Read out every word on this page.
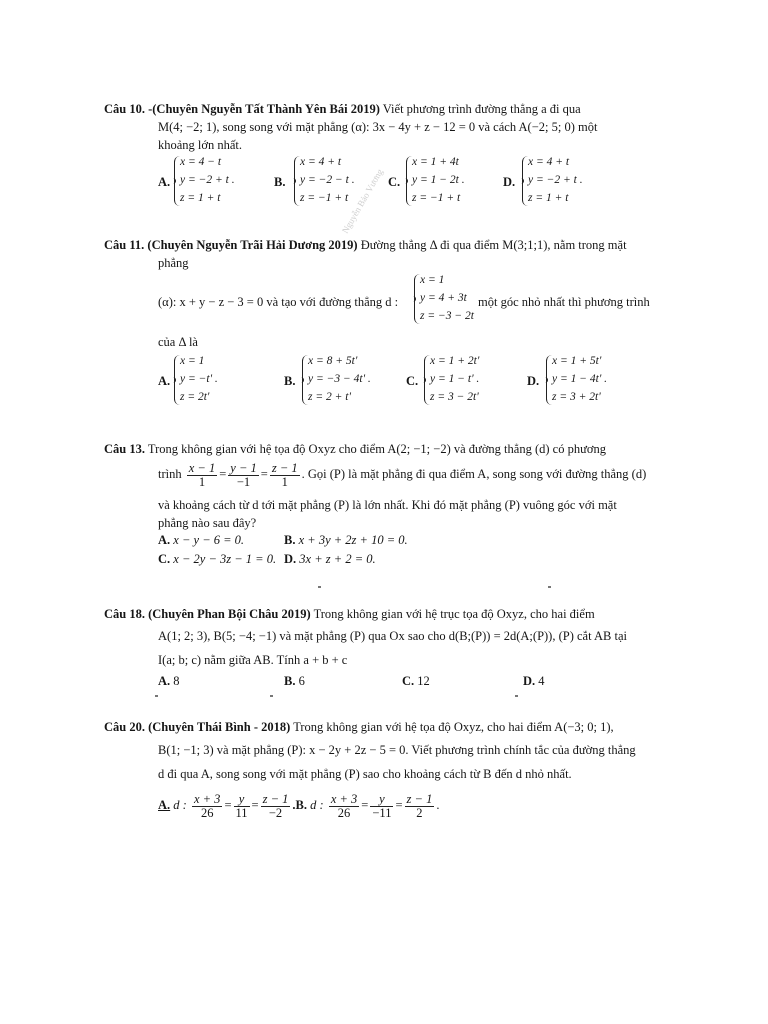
Nguyễn Bảo Vương
Câu 10. -(Chuyên Nguyễn Tất Thành Yên Bái 2019) Viết phương trình đường thẳng a đi qua
M(4; −2; 1), song song với mặt phẳng (α): 3x − 4y + z − 12 = 0 và cách A(−2; 5; 0) một
khoảng lớn nhất.
A.
x = 4 − t
y = −2 + t .
z = 1 + t
B.
x = 4 + t
y = −2 − t .
z = −1 + t
C.
x = 1 + 4t
y = 1 − 2t .
z = −1 + t
D.
x = 4 + t
y = −2 + t .
z = 1 + t
Câu 11. (Chuyên Nguyễn Trãi Hải Dương 2019) Đường thẳng Δ đi qua điểm M(3;1;1), nằm trong mặt
phẳng
(α): x + y − z − 3 = 0 và tạo với đường thẳng d :
x = 1
y = 4 + 3t
z = −3 − 2t
một góc nhỏ nhất thì phương trình
của Δ là
A.
x = 1
y = −t' .
z = 2t'
B.
x = 8 + 5t'
y = −3 − 4t' .
z = 2 + t'
C.
x = 1 + 2t'
y = 1 − t' .
z = 3 − 2t'
D.
x = 1 + 5t'
y = 1 − 4t' .
z = 3 + 2t'
Câu 13. Trong không gian với hệ tọa độ Oxyz cho điểm A(2; −1; −2) và đường thẳng (d) có phương
trình $\frac{x - 1}{1} = \frac{y - 1}{-1} = \frac{z - 1}{1}$ . Gọi (P) là mặt phẳng đi qua điểm A, song song với đường thẳng (d)
và khoảng cách từ d tới mặt phẳng (P) là lớn nhất. Khi đó mặt phẳng (P) vuông góc với mặt
phẳng nào sau đây?
A. x − y − 6 = 0.	B. x + 3y + 2z + 10 = 0.
C. x − 2y − 3z − 1 = 0. D. 3x + z + 2 = 0.
Câu 18. (Chuyên Phan Bội Châu 2019) Trong không gian với hệ trục tọa độ Oxyz, cho hai điểm
A(1; 2; 3), B(5; −4; −1) và mặt phẳng (P) qua Ox sao cho d(B;(P)) = 2d(A;(P)), (P) cắt AB tại
I(a; b; c) nằm giữa AB. Tính a + b + c
A. 8	B. 6	C. 12	D. 4
Câu 20. (Chuyên Thái Bình - 2018) Trong không gian với hệ tọa độ Oxyz, cho hai điểm A(−3; 0; 1),
B(1; −1; 3) và mặt phẳng (P): x − 2y + 2z − 5 = 0. Viết phương trình chính tắc của đường thẳng
d đi qua A, song song với mặt phẳng (P) sao cho khoảng cách từ B đến d nhỏ nhất.
A. d : $\frac{x + 3}{26} = \frac{y}{11} = \frac{z - 1}{-2} .B$. d : $\frac{x + 3}{26} = \frac{y}{-11} = \frac{z - 1}{2}$ .
